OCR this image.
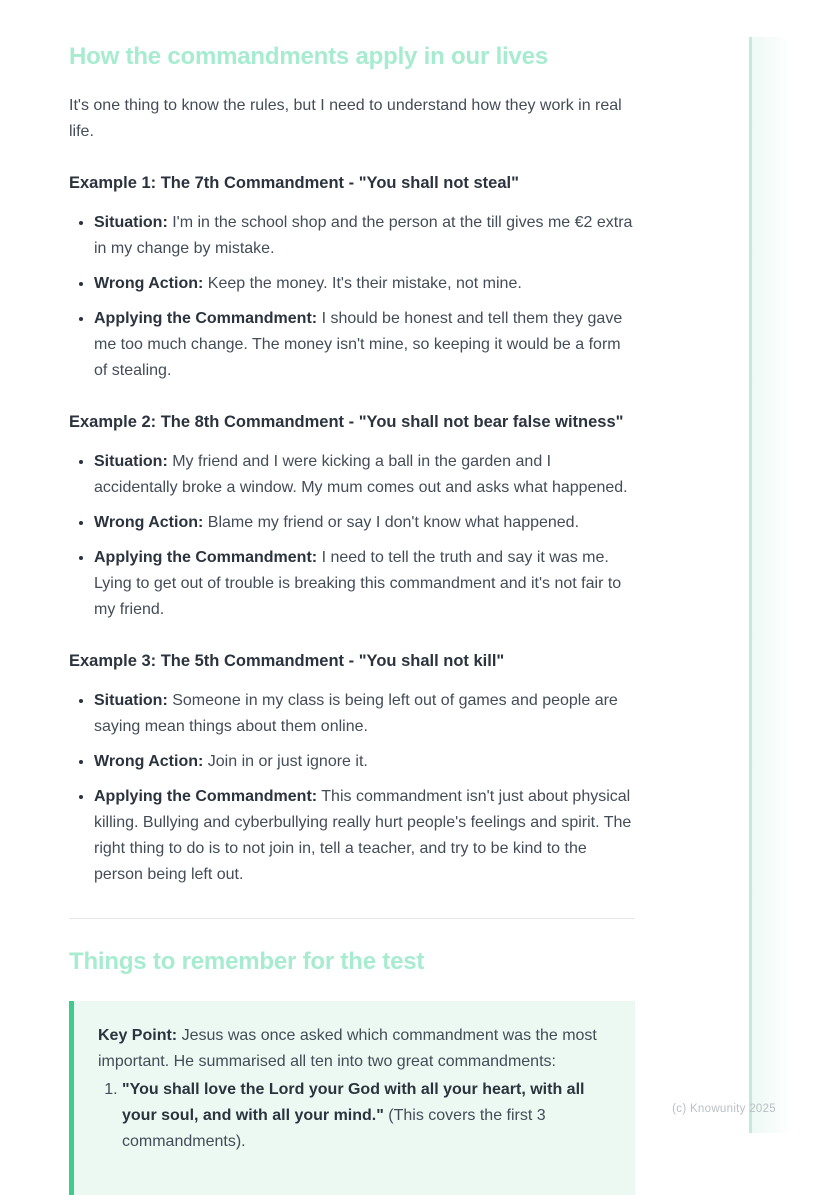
How the commandments apply in our lives

It's one thing to know the rules, but I need to understand how they work in real life.

Example 1: The 7th Commandment - "You shall not steal"
• Situation: I'm in the school shop and the person at the till gives me €2 extra in my change by mistake.
• Wrong Action: Keep the money. It's their mistake, not mine.
• Applying the Commandment: I should be honest and tell them they gave me too much change. The money isn't mine, so keeping it would be a form of stealing.
Example 2: The 8th Commandment - "You shall not bear false witness"
• Situation: My friend and I were kicking a ball in the garden and I accidentally broke a window. My mum comes out and asks what happened.
• Wrong Action: Blame my friend or say I don't know what happened.
• Applying the Commandment: I need to tell the truth and say it was me. Lying to get out of trouble is breaking this commandment and it's not fair to my friend.
Example 3: The 5th Commandment - "You shall not kill"
• Situation: Someone in my class is being left out of games and people are saying mean things about them online.
• Wrong Action: Join in or just ignore it.
• Applying the Commandment: This commandment isn't just about physical killing. Bullying and cyberbullying really hurt people's feelings and spirit. The right thing to do is to not join in, tell a teacher, and try to be kind to the person being left out.
Things to remember for the test

Key Point: Jesus was once asked which commandment was the most important. He summarised all ten into two great commandments:

1. "You shall love the Lord your God with all your heart, with all your soul, and with all your mind." (This covers the first 3 commandments).
(c) Knowunity 2025
